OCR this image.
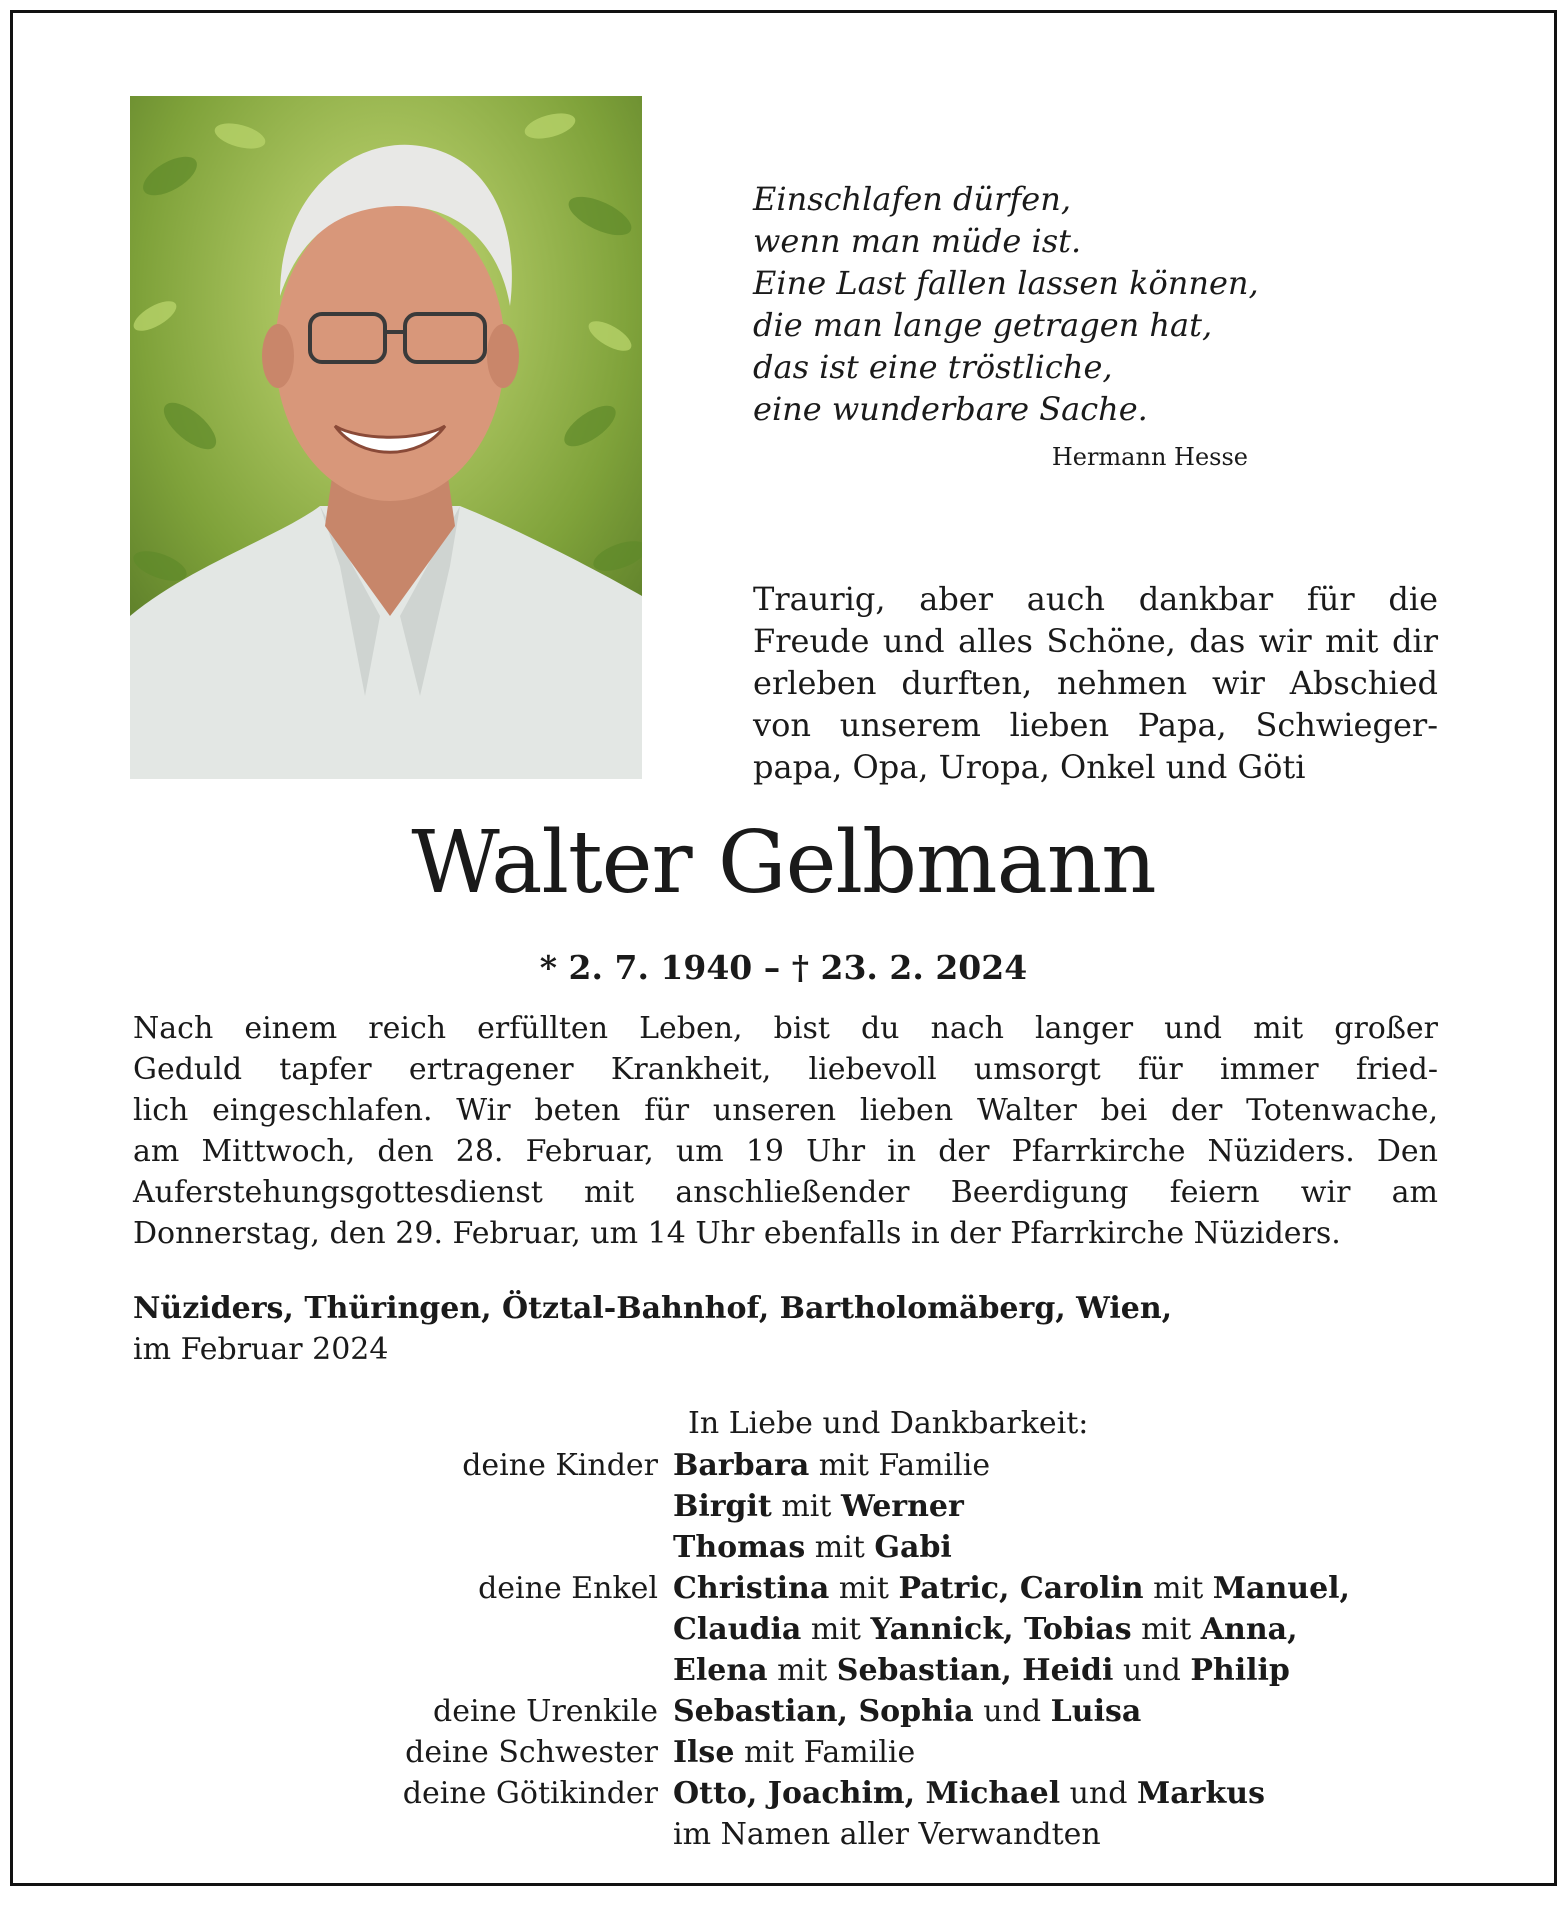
Einschlafen dürfen,
wenn man müde ist.
Eine Last fallen lassen können,
die man lange getragen hat,
das ist eine tröstliche,
eine wunderbare Sache.
Hermann Hesse
Traurig, aber auch dankbar für die
Freude und alles Schöne, das wir mit dir
erleben durften, nehmen wir Abschied
von unserem lieben Papa, Schwieger-
papa, Opa, Uropa, Onkel und Göti
Walter Gelbmann
* 2. 7. 1940 – † 23. 2. 2024
Nach einem reich erfüllten Leben, bist du nach langer und mit großer
Geduld tapfer ertragener Krankheit, liebevoll umsorgt für immer fried-
lich eingeschlafen. Wir beten für unseren lieben Walter bei der Totenwache,
am Mittwoch, den 28. Februar, um 19 Uhr in der Pfarrkirche Nüziders. Den
Auferstehungsgottesdienst mit anschließender Beerdigung feiern wir am
Donnerstag, den 29. Februar, um 14 Uhr ebenfalls in der Pfarrkirche Nüziders.
Nüziders, Thüringen, Ötztal-Bahnhof, Bartholomäberg, Wien,
im Februar 2024
In Liebe und Dankbarkeit:
deine Kinder Barbara mit Familie
Birgit mit Werner
Thomas mit Gabi
deine Enkel Christina mit Patric, Carolin mit Manuel,
Claudia mit Yannick, Tobias mit Anna,
Elena mit Sebastian, Heidi und Philip
deine Urenkile Sebastian, Sophia und Luisa
deine Schwester Ilse mit Familie
deine Götikinder Otto, Joachim, Michael und Markus
im Namen aller Verwandten
